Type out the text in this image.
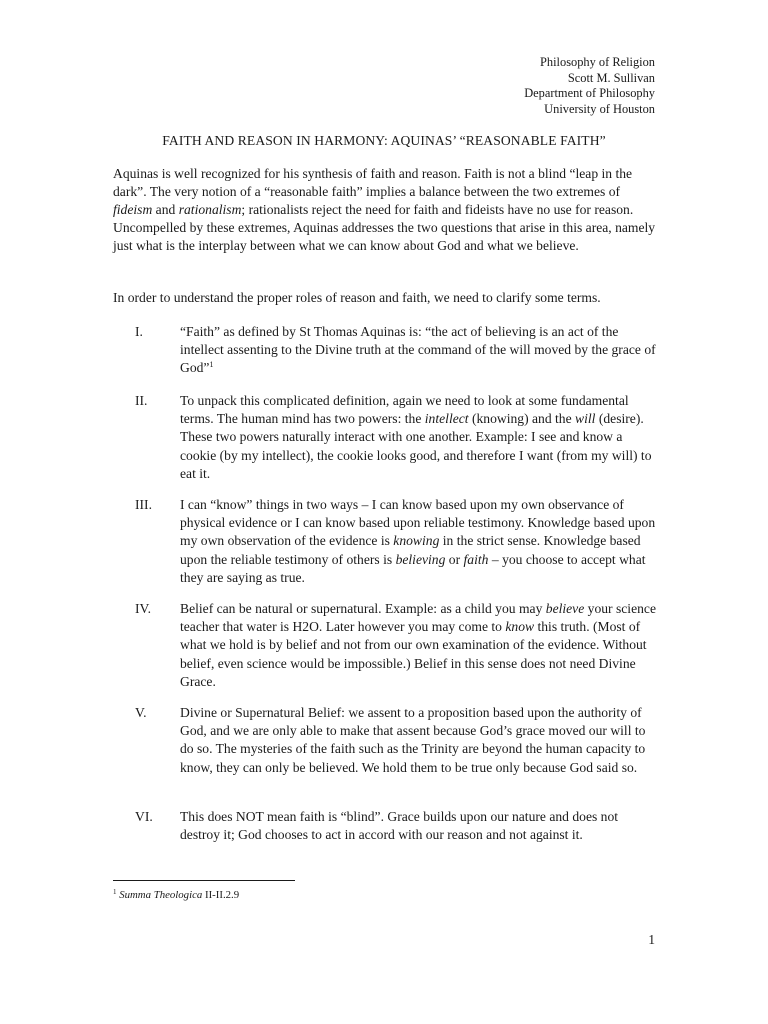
Philosophy of Religion
Scott M. Sullivan
Department of Philosophy
University of Houston
FAITH AND REASON IN HARMONY: AQUINAS’ “REASONABLE FAITH”

Aquinas is well recognized for his synthesis of faith and reason. Faith is not a blind “leap in the dark”. The very notion of a “reasonable faith” implies a balance between the two extremes of fideism and rationalism; rationalists reject the need for faith and fideists have no use for reason. Uncompelled by these extremes, Aquinas addresses the two questions that arise in this area, namely just what is the interplay between what we can know about God and what we believe.

In order to understand the proper roles of reason and faith, we need to clarify some terms.

I.	“Faith” as defined by St Thomas Aquinas is: “the act of believing is an act of the intellect assenting to the Divine truth at the command of the will moved by the grace of God”$^1$
II.	To unpack this complicated definition, again we need to look at some fundamental terms. The human mind has two powers: the intellect (knowing) and the will (desire). These two powers naturally interact with one another. Example: I see and know a cookie (by my intellect), the cookie looks good, and therefore I want (from my will) to eat it.
III.	I can “know” things in two ways – I can know based upon my own observance of physical evidence or I can know based upon reliable testimony. Knowledge based upon my own observation of the evidence is knowing in the strict sense. Knowledge based upon the reliable testimony of others is believing or faith – you choose to accept what they are saying as true.
IV.	Belief can be natural or supernatural. Example: as a child you may believe your science teacher that water is H2O. Later however you may come to know this truth. (Most of what we hold is by belief and not from our own examination of the evidence. Without belief, even science would be impossible.) Belief in this sense does not need Divine Grace.
V.	Divine or Supernatural Belief: we assent to a proposition based upon the authority of God, and we are only able to make that assent because God’s grace moved our will to do so. The mysteries of the faith such as the Trinity are beyond the human capacity to know, they can only be believed. We hold them to be true only because God said so.
VI.	This does NOT mean faith is “blind”. Grace builds upon our nature and does not destroy it; God chooses to act in accord with our reason and not against it.
$^1$ Summa Theologica II-II.2.9
1
